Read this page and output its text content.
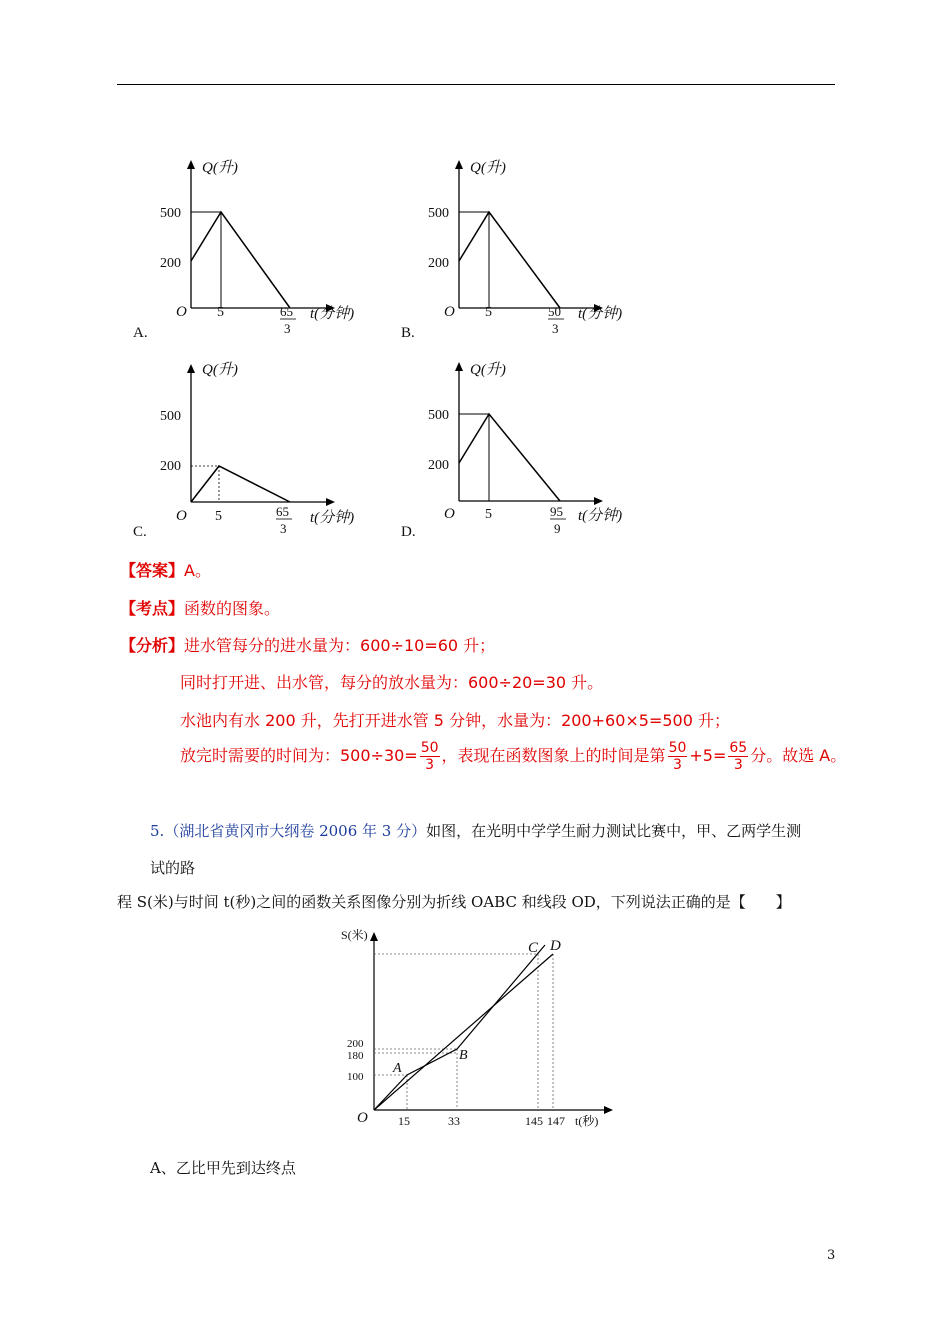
Q(升)
500
200
O 5	65
3
t(分钟)
A.
Q(升)
500
200
O 5	50
3
t(分钟)
B.
Q(升)
500
200
O 5	65
3
t(分钟)
C.
Q(升)
500
200
O 5	95
9
t(分钟)
D.
【答案】A。
【考点】函数的图象。
【分析】进水管每分的进水量为：600÷10=60 升；
同时打开进、出水管，每分的放水量为：600÷20=30 升。
水池内有水 200 升，先打开进水管 5 分钟，水量为：200+60×5=500 升；
放完时需要的时间为：$500\div 30= \frac{50}{3}$ ，表现在函数图象上的时间是第 $\frac{50}{3} +5= \frac{65}{3}$ 分。故选 A。
5.（湖北省黄冈市大纲卷 2006 年 3 分）如图，在光明中学学生耐力测试比赛中，甲、乙两学生测
试的路
程 S(米)与时间 t(秒)之间的函数关系图像分别为折线 OABC 和线段 OD，下列说法正确的是【　　】
S(米)
O
200
180
100
15	33	145 147 t(秒)
A
B
C D
A、乙比甲先到达终点
3
